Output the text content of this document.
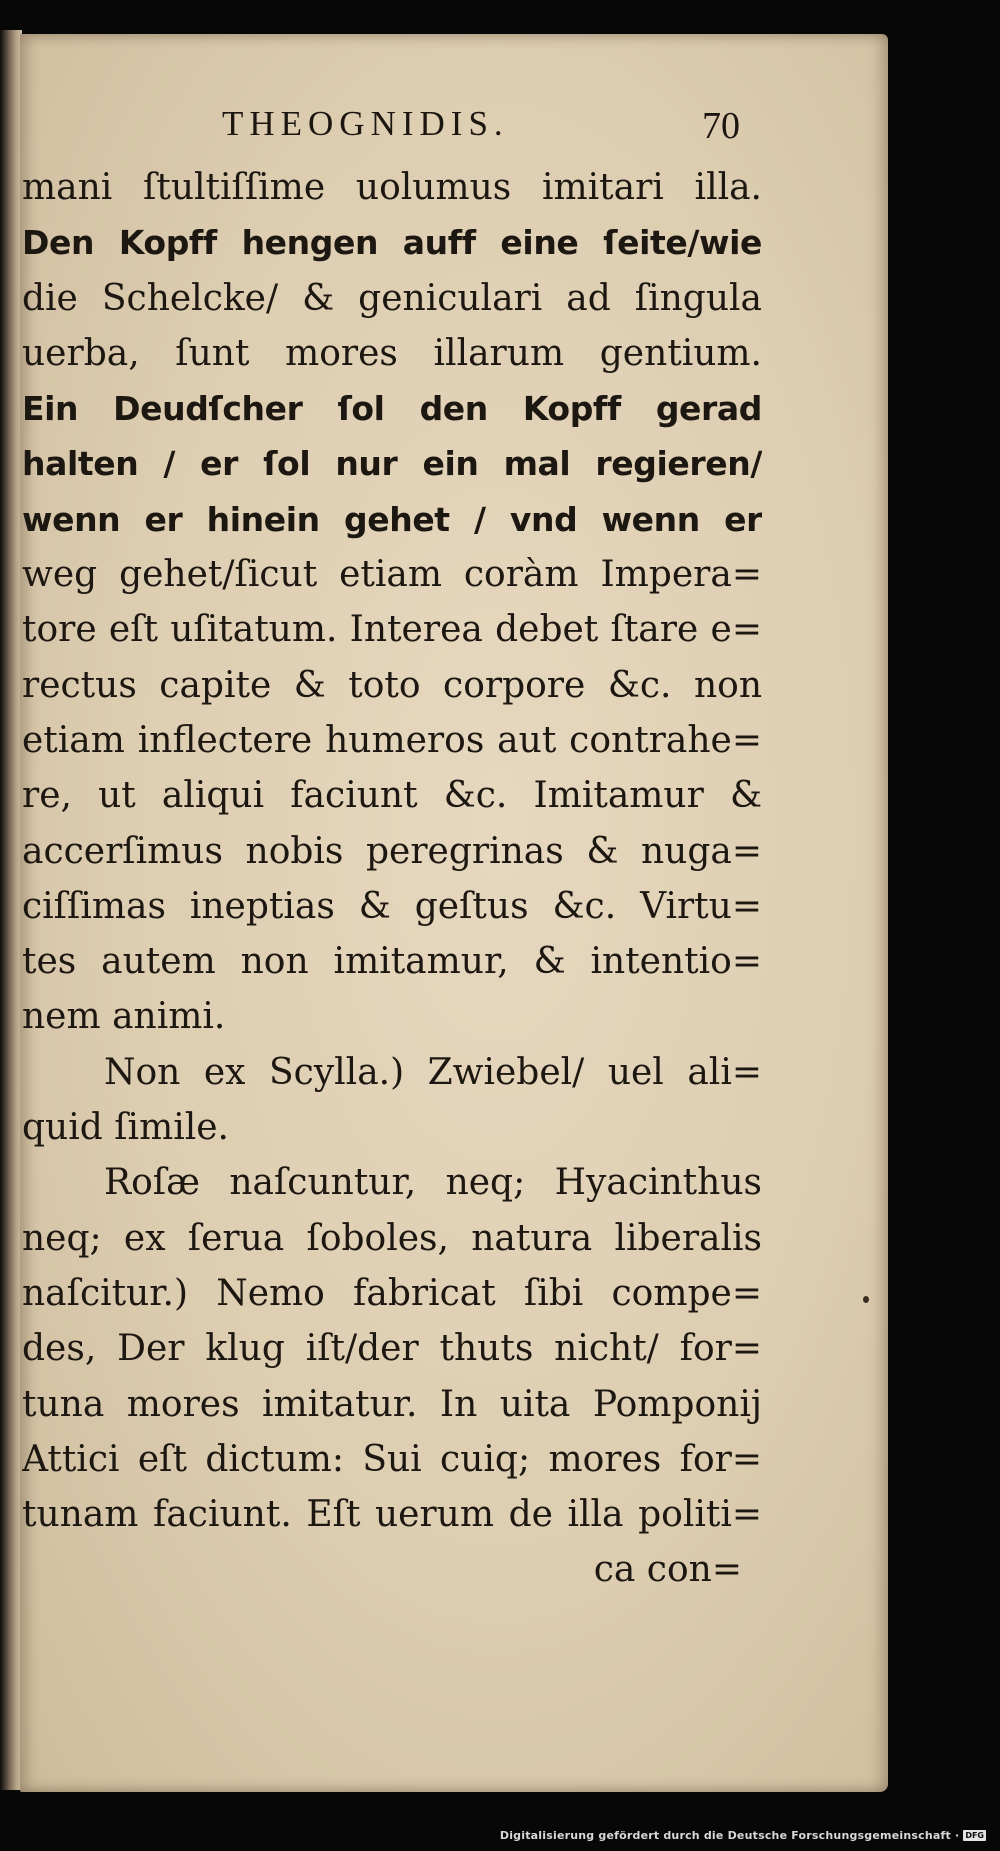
THEOGNIDIS.	70
mani ſtultiſſime uolumus imitari illa.
Den Kopff hengen auff eine ſeite/wie
die Schelcke/ & geniculari ad ſingula
uerba, ſunt mores illarum gentium.
Ein Deudſcher ſol den Kopff gerad
halten / er ſol nur ein mal regieren/
wenn er hinein gehet / vnd wenn er
weg gehet/ſicut etiam coràm Impera=
tore eſt uſitatum. Interea debet ſtare e=
rectus capite & toto corpore &c. non
etiam inflectere humeros aut contrahe=
re, ut aliqui faciunt &c. Imitamur &
accerſimus nobis peregrinas & nuga=
ciſſimas ineptias & geſtus &c. Virtu=
tes autem non imitamur, & intentio=
nem animi.
Non ex Scylla.) Zwiebel/ uel ali=
quid ſimile.
Roſæ naſcuntur, neq; Hyacinthus
neq; ex ſerua ſoboles, natura liberalis
naſcitur.) Nemo fabricat ſibi compe=
des, Der klug iſt/der thuts nicht/ for=
tuna mores imitatur. In uita Pomponij
Attici eſt dictum: Sui cuiq; mores for=
tunam faciunt. Eſt uerum de illa politi=
ca con=
Digitalisierung gefördert durch die Deutsche Forschungsgemeinschaft · DFG
